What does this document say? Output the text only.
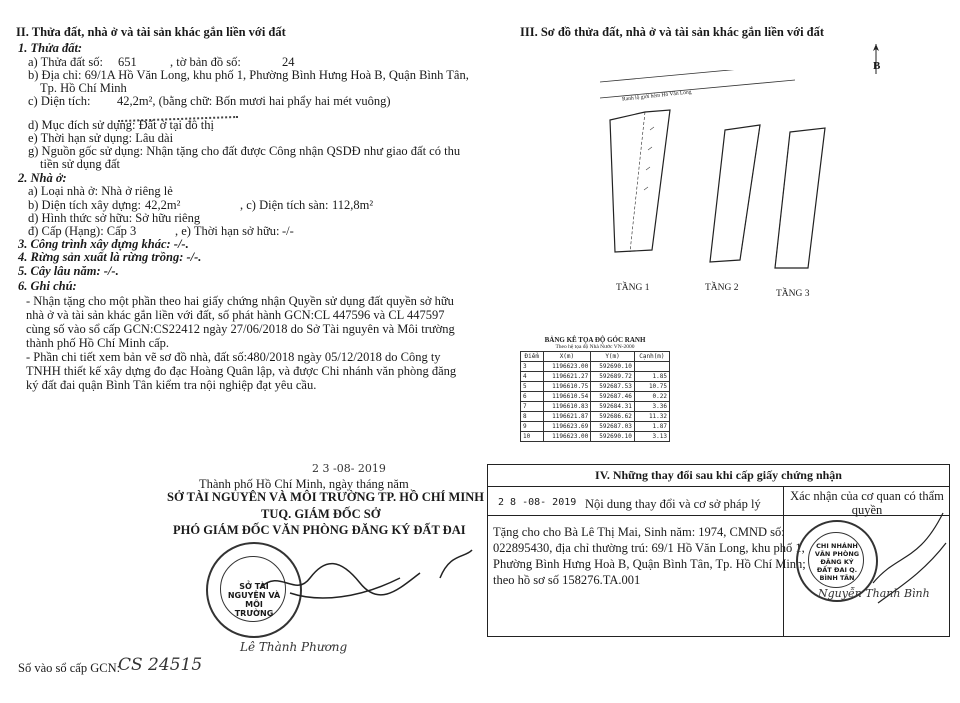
II. Thửa đất, nhà ở và tài sản khác gắn liền với đất
1. Thửa đất:
a) Thửa đất số: 651	, tờ bản đồ số:	24
b) Địa chỉ: 69/1A Hồ Văn Long, khu phố 1, Phường Bình Hưng Hoà B, Quận Bình Tân,
Tp. Hồ Chí Minh
c) Diện tích: 42,2m², (bằng chữ: Bốn mươi hai phẩy hai mét vuông)
d) Mục đích sử dụng: Đất ở tại đô thị
e) Thời hạn sử dụng: Lâu dài
g) Nguồn gốc sử dụng: Nhận tặng cho đất được Công nhận QSDĐ như giao đất có thu
tiền sử dụng đất
2. Nhà ở:
a) Loại nhà ở: Nhà ở riêng lẻ
b) Diện tích xây dựng: 42,2m²	, c) Diện tích sàn: 112,8m²
d) Hình thức sở hữu: Sở hữu riêng
đ) Cấp (Hạng): Cấp 3	, e) Thời hạn sở hữu: -/-
3. Công trình xây dựng khác: -/-.
4. Rừng sản xuất là rừng trồng: -/-.
5. Cây lâu năm: -/-.
6. Ghi chú:
- Nhận tặng cho một phần theo hai giấy chứng nhận Quyền sử dụng đất quyền sở hữu
nhà ở và tài sản khác gắn liền với đất, số phát hành GCN:CL 447596 và CL 447597
cùng số vào sổ cấp GCN:CS22412 ngày 27/06/2018 do Sở Tài nguyên và Môi trường
thành phố Hồ Chí Minh cấp.
- Phần chi tiết xem bản vẽ sơ đồ nhà, đất số:480/2018 ngày 05/12/2018 do Công ty
TNHH thiết kế xây dựng đo đạc Hoàng Quân lập, và được Chi nhánh văn phòng đăng
ký đất đai quận Bình Tân kiểm tra nội nghiệp đạt yêu cầu.
2 3 -08- 2019
Thành phố Hồ Chí Minh, ngày tháng năm
SỞ TÀI NGUYÊN VÀ MÔI TRƯỜNG TP. HỒ CHÍ MINH
TUQ. GIÁM ĐỐC SỞ
PHÓ GIÁM ĐỐC VĂN PHÒNG ĐĂNG KÝ ĐẤT ĐAI
SỞ TÀI NGUYÊN VÀ MÔI TRƯỜNG
Lê Thành Phương
Số vào sổ cấp GCN:
CS 24515
III. Sơ đồ thửa đất, nhà ở và tài sản khác gắn liền với đất
B
Ranh lộ giới hẻm Hồ Văn Long
TẦNG 1	TẦNG 2
TẦNG 3
BẢNG KÊ TỌA ĐỘ GÓC RANH
Theo hệ tọa độ Nhà Nước VN-2000
Điểm	X(m)	Y(m)	Cạnh(m)
3	1196623.00	592690.10	
4	1196621.27	592689.72	1.85
5	1196610.75	592687.53	10.75
6	1196610.54	592687.46	0.22
7	1196610.83	592684.31	3.36
8	1196621.87	592686.62	11.32
9	1196623.69	592687.03	1.87
10	1196623.00	592690.10	3.13
IV. Những thay đổi sau khi cấp giấy chứng nhận
2 8 -08- 2019 Nội dung thay đổi và cơ sở pháp lý
Xác nhận của cơ quan có thẩm quyền
Tặng cho cho Bà Lê Thị Mai, Sinh năm: 1974, CMND số:
022895430, địa chỉ thường trú: 69/1 Hồ Văn Long, khu phố 1,
Phường Bình Hưng Hoà B, Quận Bình Tân, Tp. Hồ Chí Minh;
theo hồ sơ số 158276.TA.001
CHI NHÁNH VĂN PHÒNG ĐĂNG KÝ ĐẤT ĐAI Q. BÌNH TÂN
Nguyễn Thanh Bình
